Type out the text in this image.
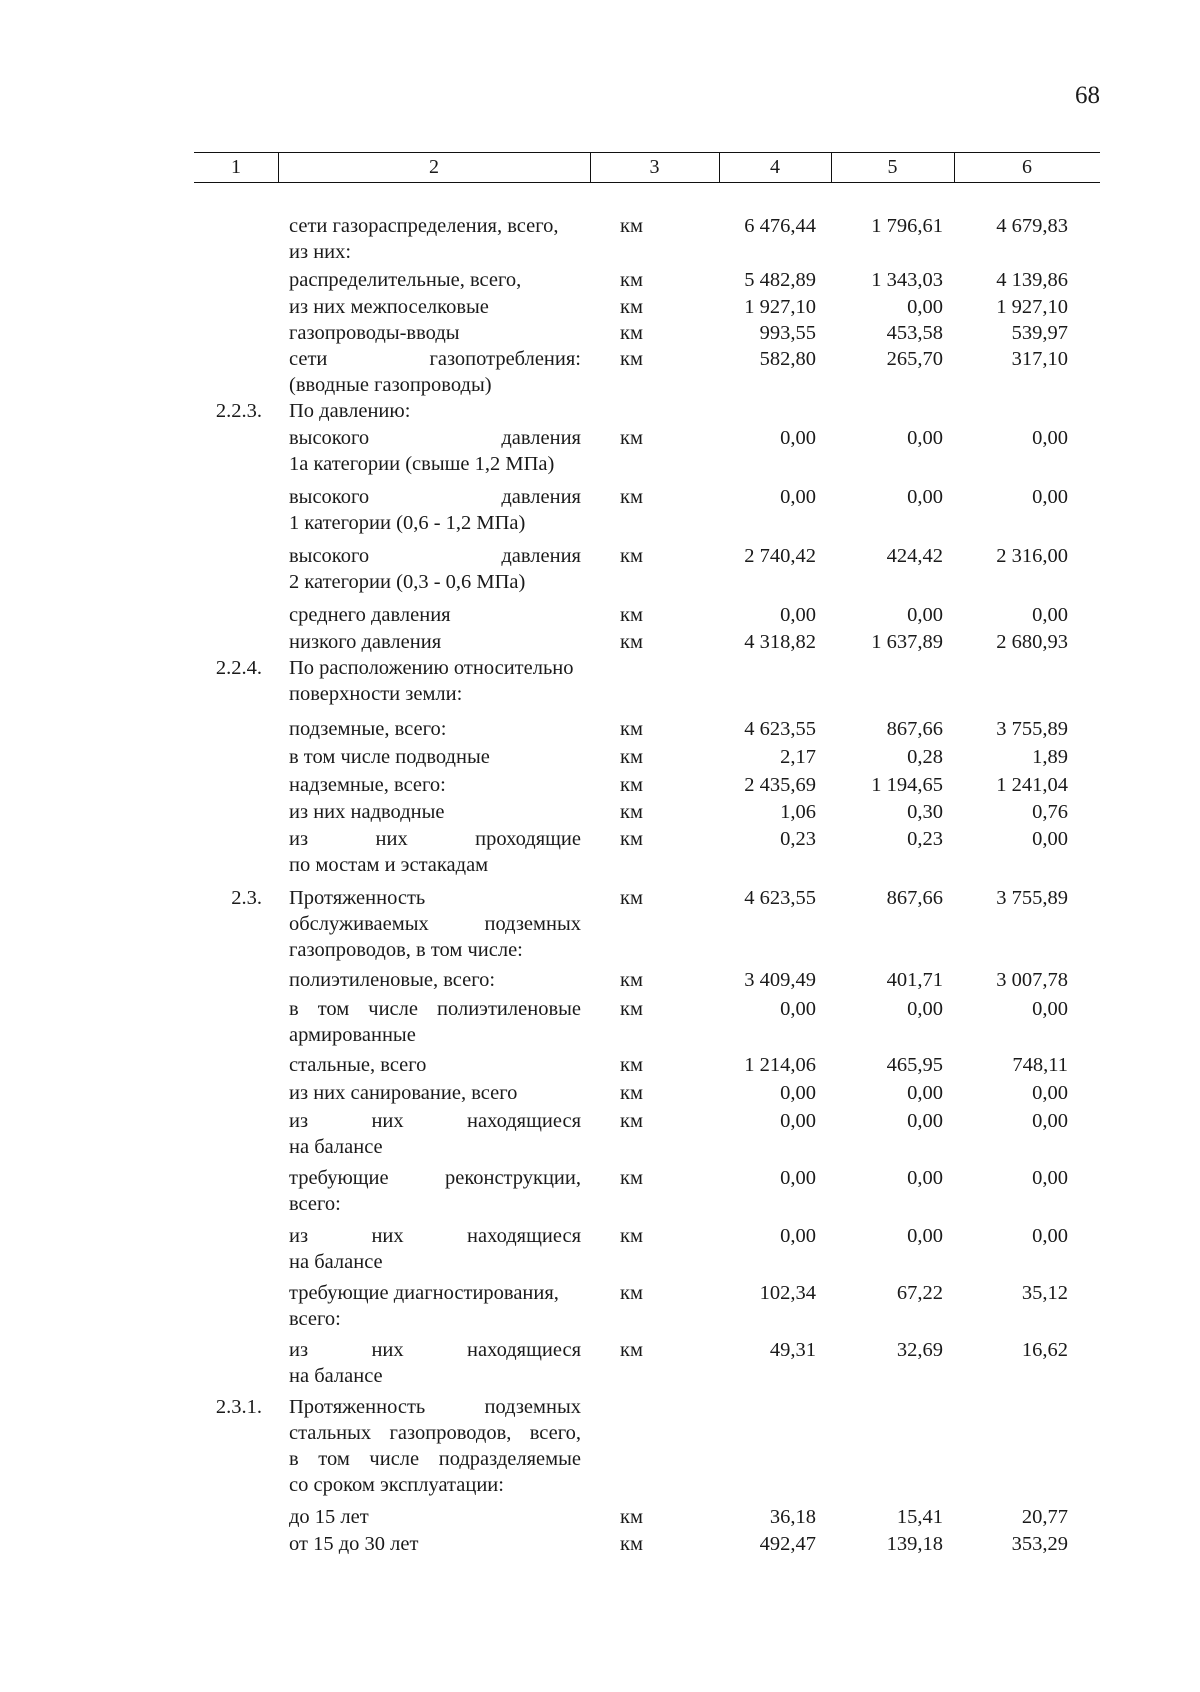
68
1	2	3	4	5	6
сети газораспределения, всего,
из них:
км	6 476,44	1 796,61	4 679,83
распределительные, всего,	км	5 482,89	1 343,03	4 139,86
из них межпоселковые	км	1 927,10	0,00	1 927,10
газопроводы-вводы	км	993,55	453,58	539,97
сети газопотребления:
(вводные газопроводы)
км	582,80	265,70	317,10
2.2.3. По давлению:
высокого давления
1а категории (свыше 1,2 МПа)
км	0,00	0,00	0,00
высокого давления
1 категории (0,6 - 1,2 МПа)
км	0,00	0,00	0,00
высокого давления
2 категории (0,3 - 0,6 МПа)
км	2 740,42	424,42	2 316,00
среднего давления	км	0,00	0,00	0,00
низкого давления	км	4 318,82	1 637,89	2 680,93
2.2.4. По расположению относительно
поверхности земли:
подземные, всего:	км	4 623,55	867,66	3 755,89
в том числе подводные	км	2,17	0,28	1,89
надземные, всего:	км	2 435,69	1 194,65	1 241,04
из них надводные	км	1,06	0,30	0,76
из них проходящие
по мостам и эстакадам
км	0,23	0,23	0,00
2.3. Протяженность
обслуживаемых подземных
газопроводов, в том числе:
км	4 623,55	867,66	3 755,89
полиэтиленовые, всего:	км	3 409,49	401,71	3 007,78
в том числе полиэтиленовые
армированные
км	0,00	0,00	0,00
стальные, всего	км	1 214,06	465,95	748,11
из них санирование, всего	км	0,00	0,00	0,00
из них находящиеся
на балансе
км	0,00	0,00	0,00
требующие реконструкции,
всего:
км	0,00	0,00	0,00
из них находящиеся
на балансе
км	0,00	0,00	0,00
требующие диагностирования,
всего:
км	102,34	67,22	35,12
из них находящиеся
на балансе
км	49,31	32,69	16,62
2.3.1. Протяженность подземных
стальных газопроводов, всего,
в том числе подразделяемые
со сроком эксплуатации:
до 15 лет	км	36,18	15,41	20,77
от 15 до 30 лет	км	492,47	139,18	353,29
